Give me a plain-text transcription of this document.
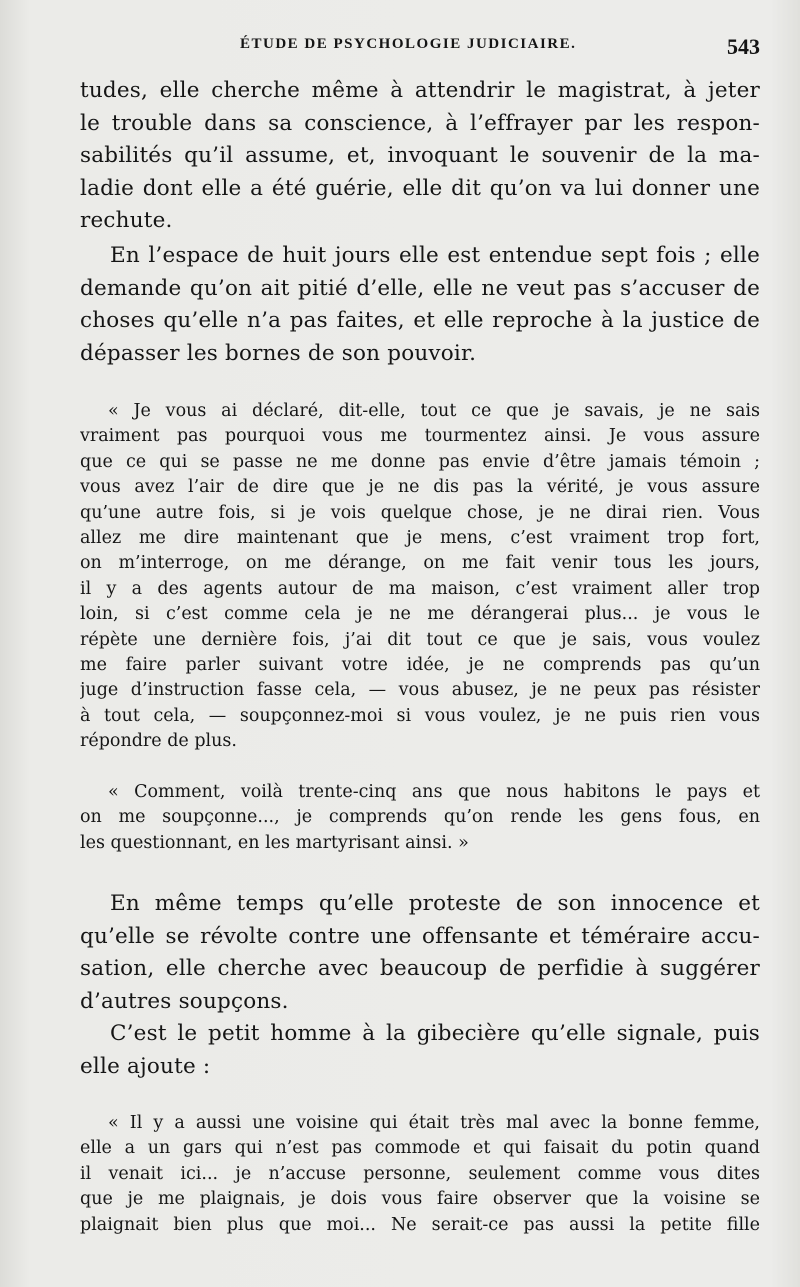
ÉTUDE DE PSYCHOLOGIE JUDICIAIRE.	543
tudes, elle cherche même à attendrir le magistrat, à jeter
le trouble dans sa conscience, à l’effrayer par les respon-
sabilités qu’il assume, et, invoquant le souvenir de la ma-
ladie dont elle a été guérie, elle dit qu’on va lui donner une
rechute.
En l’espace de huit jours elle est entendue sept fois ; elle
demande qu’on ait pitié d’elle, elle ne veut pas s’accuser de
choses qu’elle n’a pas faites, et elle reproche à la justice de
dépasser les bornes de son pouvoir.
« Je vous ai déclaré, dit-elle, tout ce que je savais, je ne sais
vraiment pas pourquoi vous me tourmentez ainsi. Je vous assure
que ce qui se passe ne me donne pas envie d’être jamais témoin ;
vous avez l’air de dire que je ne dis pas la vérité, je vous assure
qu’une autre fois, si je vois quelque chose, je ne dirai rien. Vous
allez me dire maintenant que je mens, c’est vraiment trop fort,
on m’interroge, on me dérange, on me fait venir tous les jours,
il y a des agents autour de ma maison, c’est vraiment aller trop
loin, si c’est comme cela je ne me dérangerai plus... je vous le
répète une dernière fois, j’ai dit tout ce que je sais, vous voulez
me faire parler suivant votre idée, je ne comprends pas qu’un
juge d’instruction fasse cela, — vous abusez, je ne peux pas résister
à tout cela, — soupçonnez-moi si vous voulez, je ne puis rien vous
répondre de plus.
« Comment, voilà trente-cinq ans que nous habitons le pays et
on me soupçonne..., je comprends qu’on rende les gens fous, en
les questionnant, en les martyrisant ainsi. »
En même temps qu’elle proteste de son innocence et
qu’elle se révolte contre une offensante et téméraire accu-
sation, elle cherche avec beaucoup de perfidie à suggérer
d’autres soupçons.
C’est le petit homme à la gibecière qu’elle signale, puis
elle ajoute :
« Il y a aussi une voisine qui était très mal avec la bonne femme,
elle a un gars qui n’est pas commode et qui faisait du potin quand
il venait ici... je n’accuse personne, seulement comme vous dites
que je me plaignais, je dois vous faire observer que la voisine se
plaignait bien plus que moi... Ne serait-ce pas aussi la petite fille
